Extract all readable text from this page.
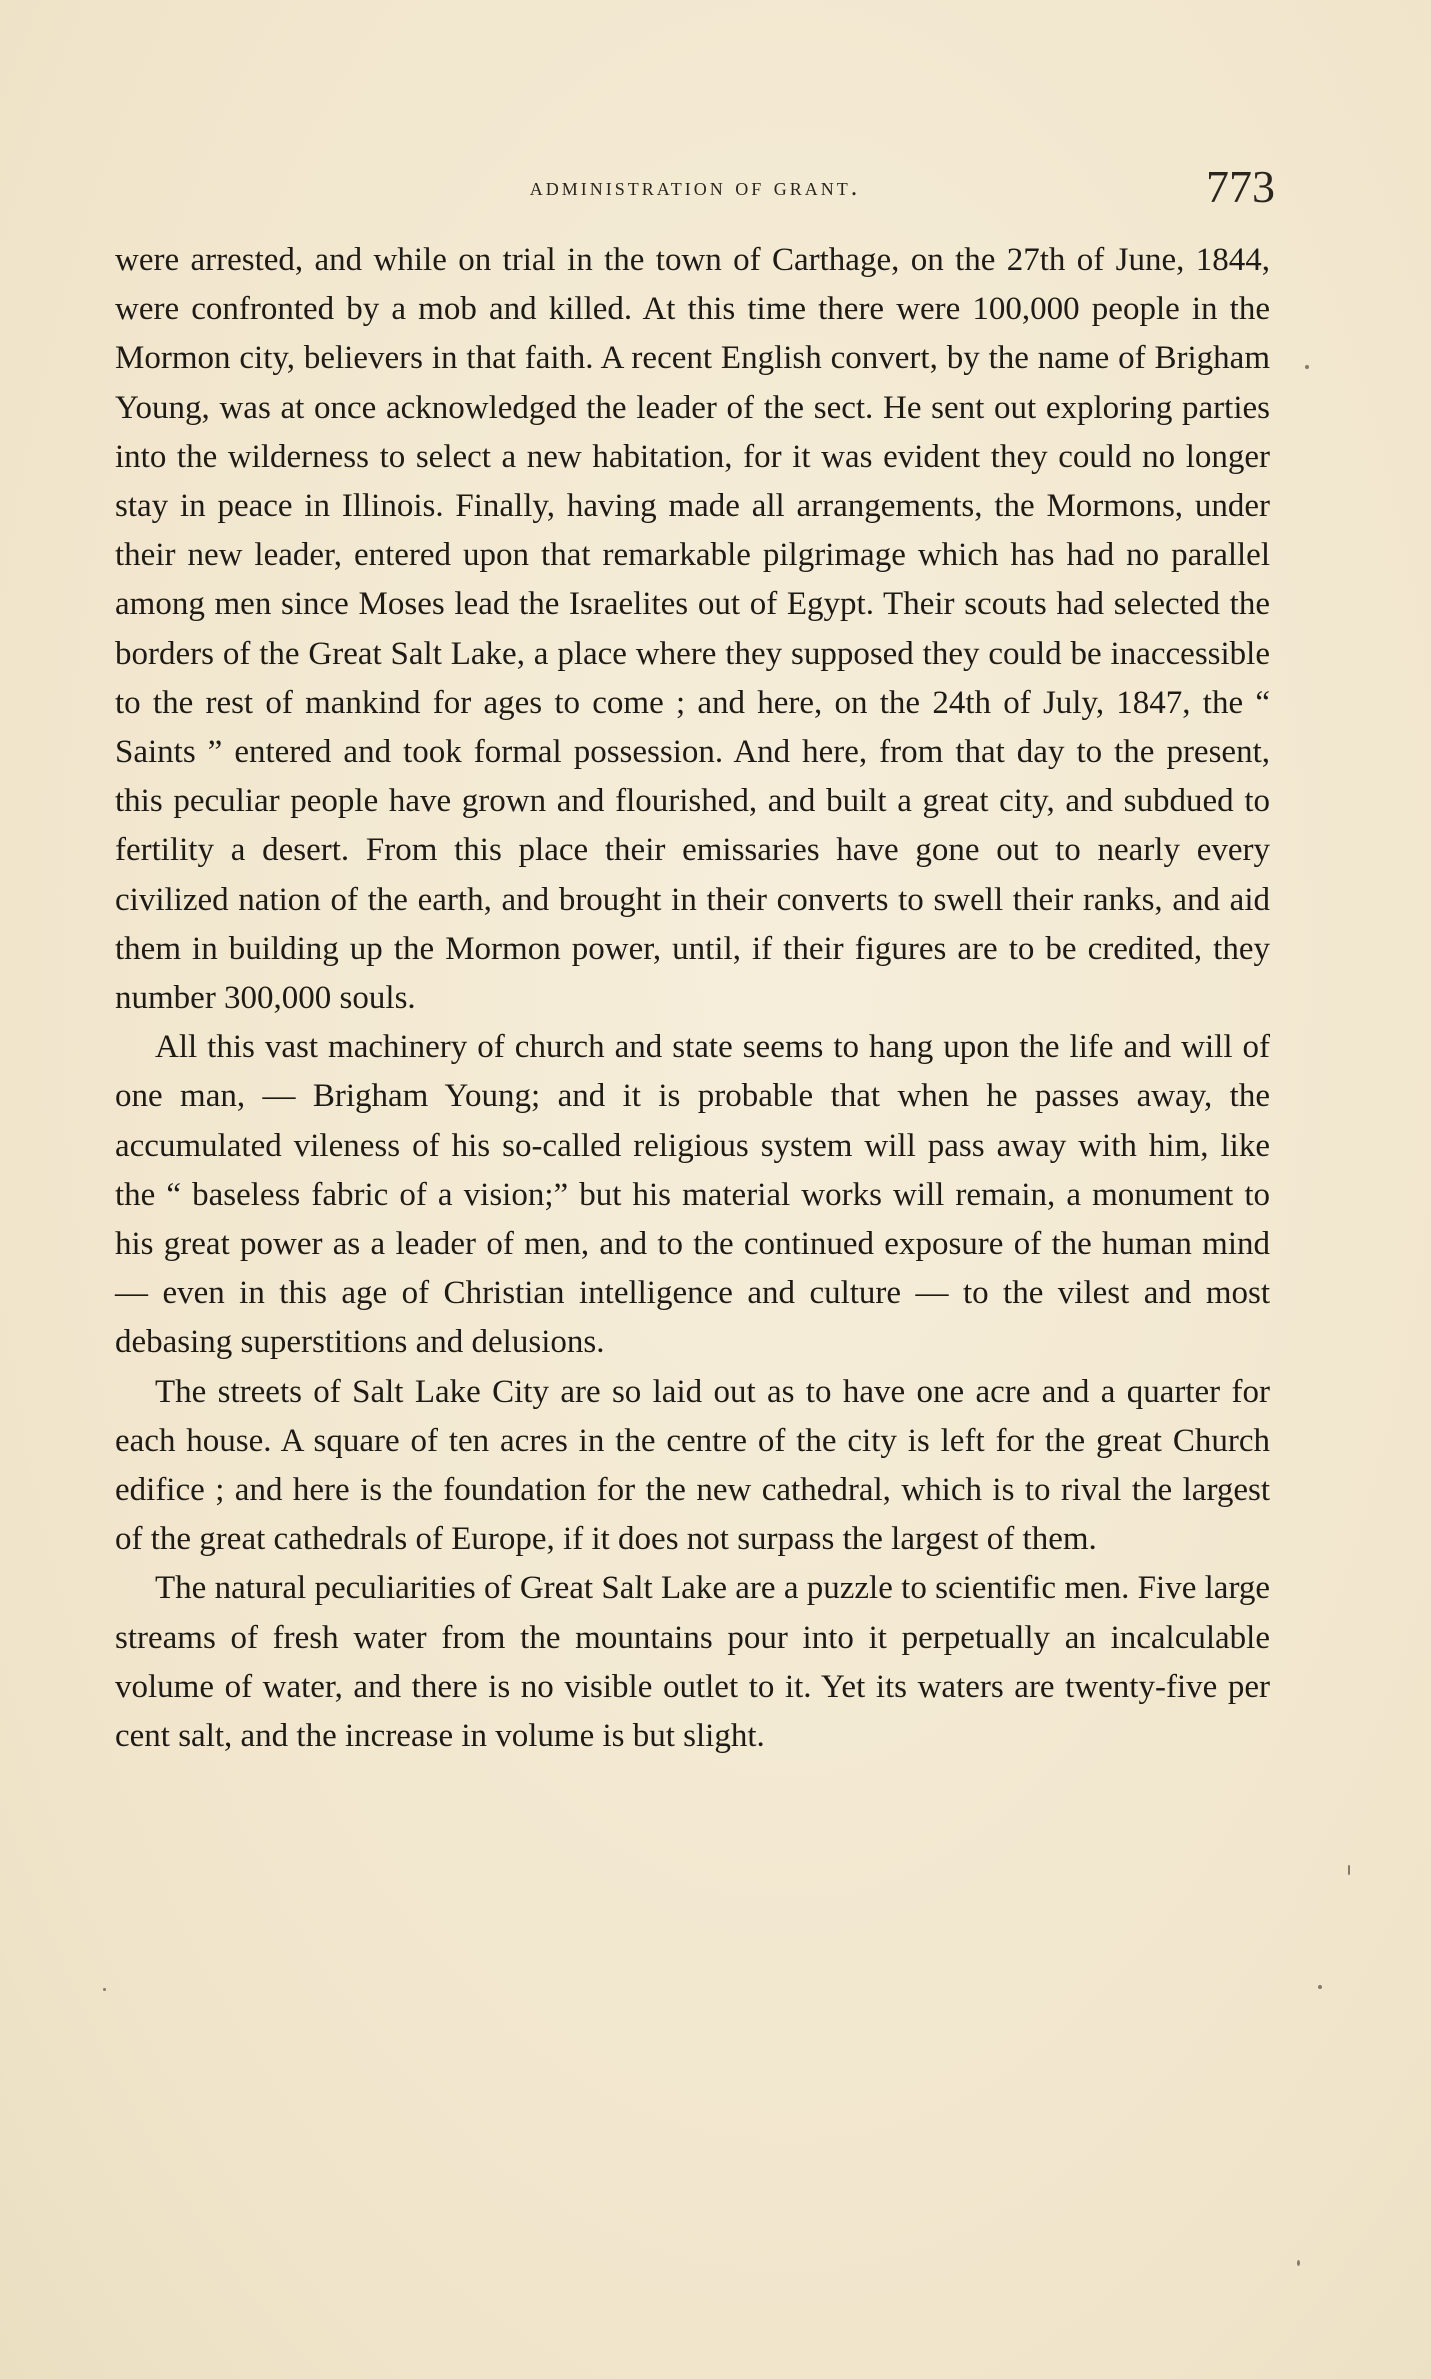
administration of grant.	773

were arrested, and while on trial in the town of Carthage, on the 27th of June, 1844, were confronted by a mob and killed. At this time there were 100,000 people in the Mormon city, believers in that faith. A recent English convert, by the name of Brigham Young, was at once acknowledged the leader of the sect. He sent out exploring parties into the wilderness to select a new habitation, for it was evident they could no longer stay in peace in Illinois. Finally, having made all arrangements, the Mormons, under their new leader, entered upon that remarkable pilgrimage which has had no parallel among men since Moses lead the Israelites out of Egypt. Their scouts had selected the borders of the Great Salt Lake, a place where they supposed they could be inaccessible to the rest of mankind for ages to come ; and here, on the 24th of July, 1847, the “ Saints ” entered and took formal possession. And here, from that day to the present, this peculiar people have grown and flourished, and built a great city, and subdued to fertility a desert. From this place their emissaries have gone out to nearly every civilized nation of the earth, and brought in their converts to swell their ranks, and aid them in building up the Mormon power, until, if their figures are to be credited, they number 300,000 souls.

All this vast machinery of church and state seems to hang upon the life and will of one man, — Brigham Young; and it is probable that when he passes away, the accumulated vileness of his so-called religious system will pass away with him, like the “ baseless fabric of a vision;” but his material works will remain, a monument to his great power as a leader of men, and to the continued exposure of the human mind — even in this age of Christian intelligence and culture — to the vilest and most debasing superstitions and delusions.

The streets of Salt Lake City are so laid out as to have one acre and a quarter for each house. A square of ten acres in the centre of the city is left for the great Church edifice ; and here is the foundation for the new cathedral, which is to rival the largest of the great cathedrals of Europe, if it does not surpass the largest of them.

The natural peculiarities of Great Salt Lake are a puzzle to scientific men. Five large streams of fresh water from the mountains pour into it perpetually an incalculable volume of water, and there is no visible outlet to it. Yet its waters are twenty-five per cent salt, and the increase in volume is but slight.
